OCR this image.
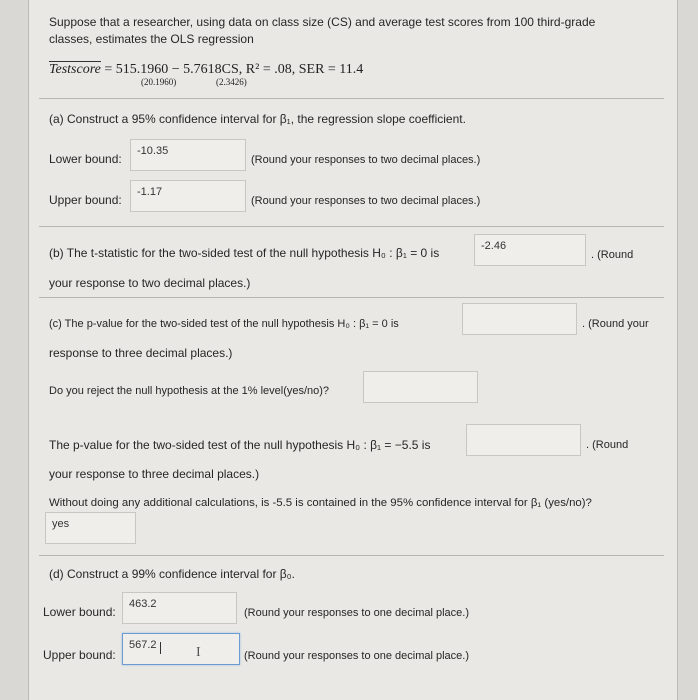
Suppose that a researcher, using data on class size (CS) and average test scores from 100 third-grade
classes, estimates the OLS regression
Testscore = 515.1960 − 5.7618CS, R² = .08, SER = 11.4
(20.1960)	(2.3426)
(a) Construct a 95% confidence interval for β₁, the regression slope coefficient.
Lower bound:
-10.35
(Round your responses to two decimal places.)
Upper bound:
-1.17
(Round your responses to two decimal places.)
(b) The t-statistic for the two-sided test of the null hypothesis H₀ : β₁ = 0 is	-2.46
. (Round
your response to two decimal places.)
(c) The p-value for the two-sided test of the null hypothesis H₀ : β₁ = 0 is	. (Round your
response to three decimal places.)
Do you reject the null hypothesis at the 1% level(yes/no)?
The p-value for the two-sided test of the null hypothesis H₀ : β₁ = −5.5 is	. (Round
your response to three decimal places.)
Without doing any additional calculations, is -5.5 is contained in the 95% confidence interval for β₁ (yes/no)?
yes
(d) Construct a 99% confidence interval for β₀.
Lower bound:
463.2
(Round your responses to one decimal place.)
Upper bound:
567.2	I	(Round your responses to one decimal place.)
